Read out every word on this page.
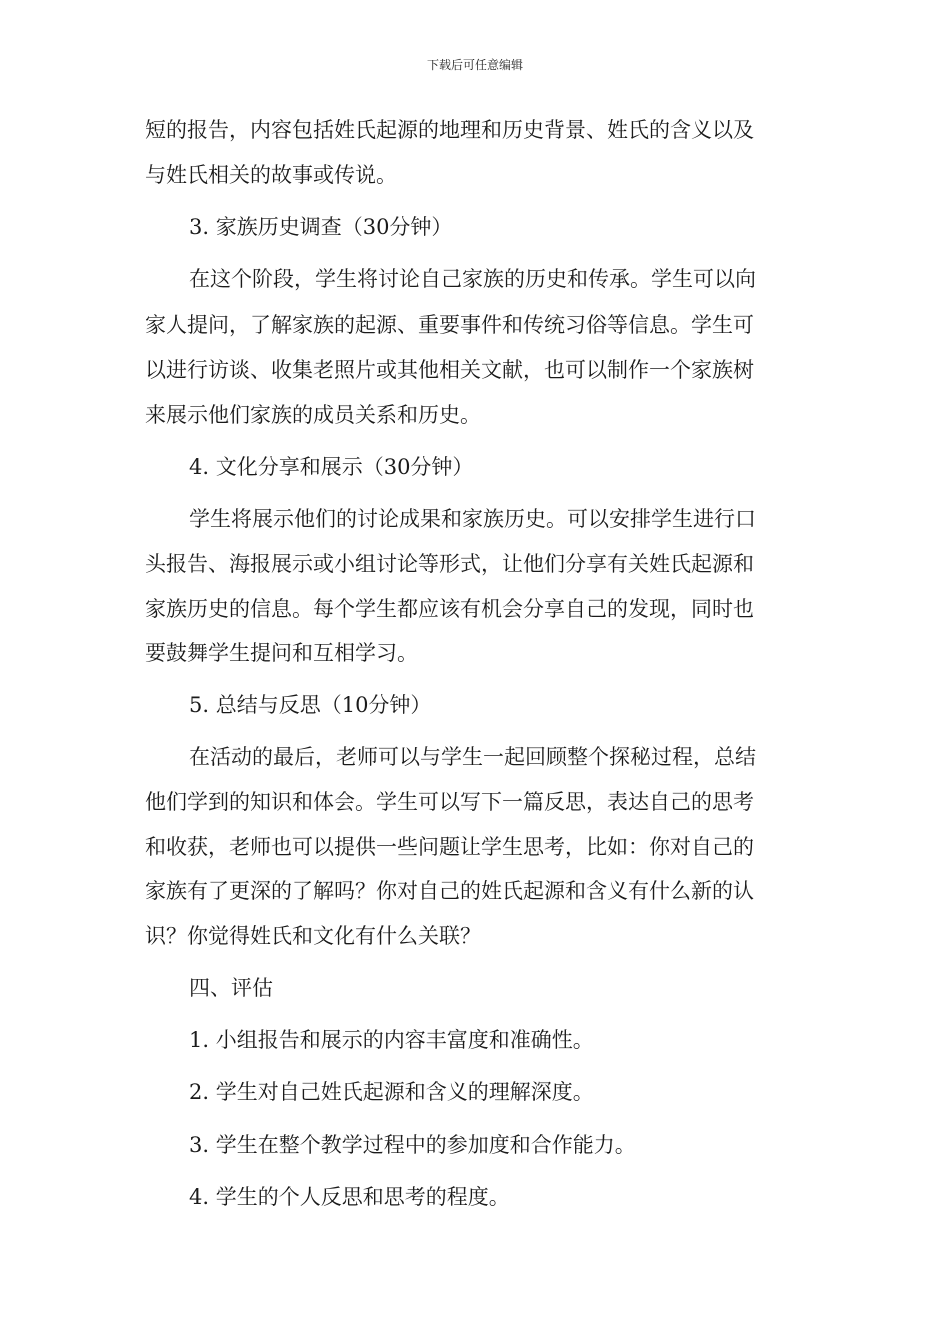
下载后可任意编辑
短的报告，内容包括姓氏起源的地理和历史背景、姓氏的含义以及
与姓氏相关的故事或传说。
3. 家族历史调查（30分钟）
在这个阶段，学生将讨论自己家族的历史和传承。学生可以向
家人提问，了解家族的起源、重要事件和传统习俗等信息。学生可
以进行访谈、收集老照片或其他相关文献，也可以制作一个家族树
来展示他们家族的成员关系和历史。
4. 文化分享和展示（30分钟）
学生将展示他们的讨论成果和家族历史。可以安排学生进行口
头报告、海报展示或小组讨论等形式，让他们分享有关姓氏起源和
家族历史的信息。每个学生都应该有机会分享自己的发现，同时也
要鼓舞学生提问和互相学习。
5. 总结与反思（10分钟）
在活动的最后，老师可以与学生一起回顾整个探秘过程，总结
他们学到的知识和体会。学生可以写下一篇反思，表达自己的思考
和收获，老师也可以提供一些问题让学生思考，比如：你对自己的
家族有了更深的了解吗？你对自己的姓氏起源和含义有什么新的认
识？你觉得姓氏和文化有什么关联？
四、评估
1. 小组报告和展示的内容丰富度和准确性。
2. 学生对自己姓氏起源和含义的理解深度。
3. 学生在整个教学过程中的参加度和合作能力。
4. 学生的个人反思和思考的程度。
